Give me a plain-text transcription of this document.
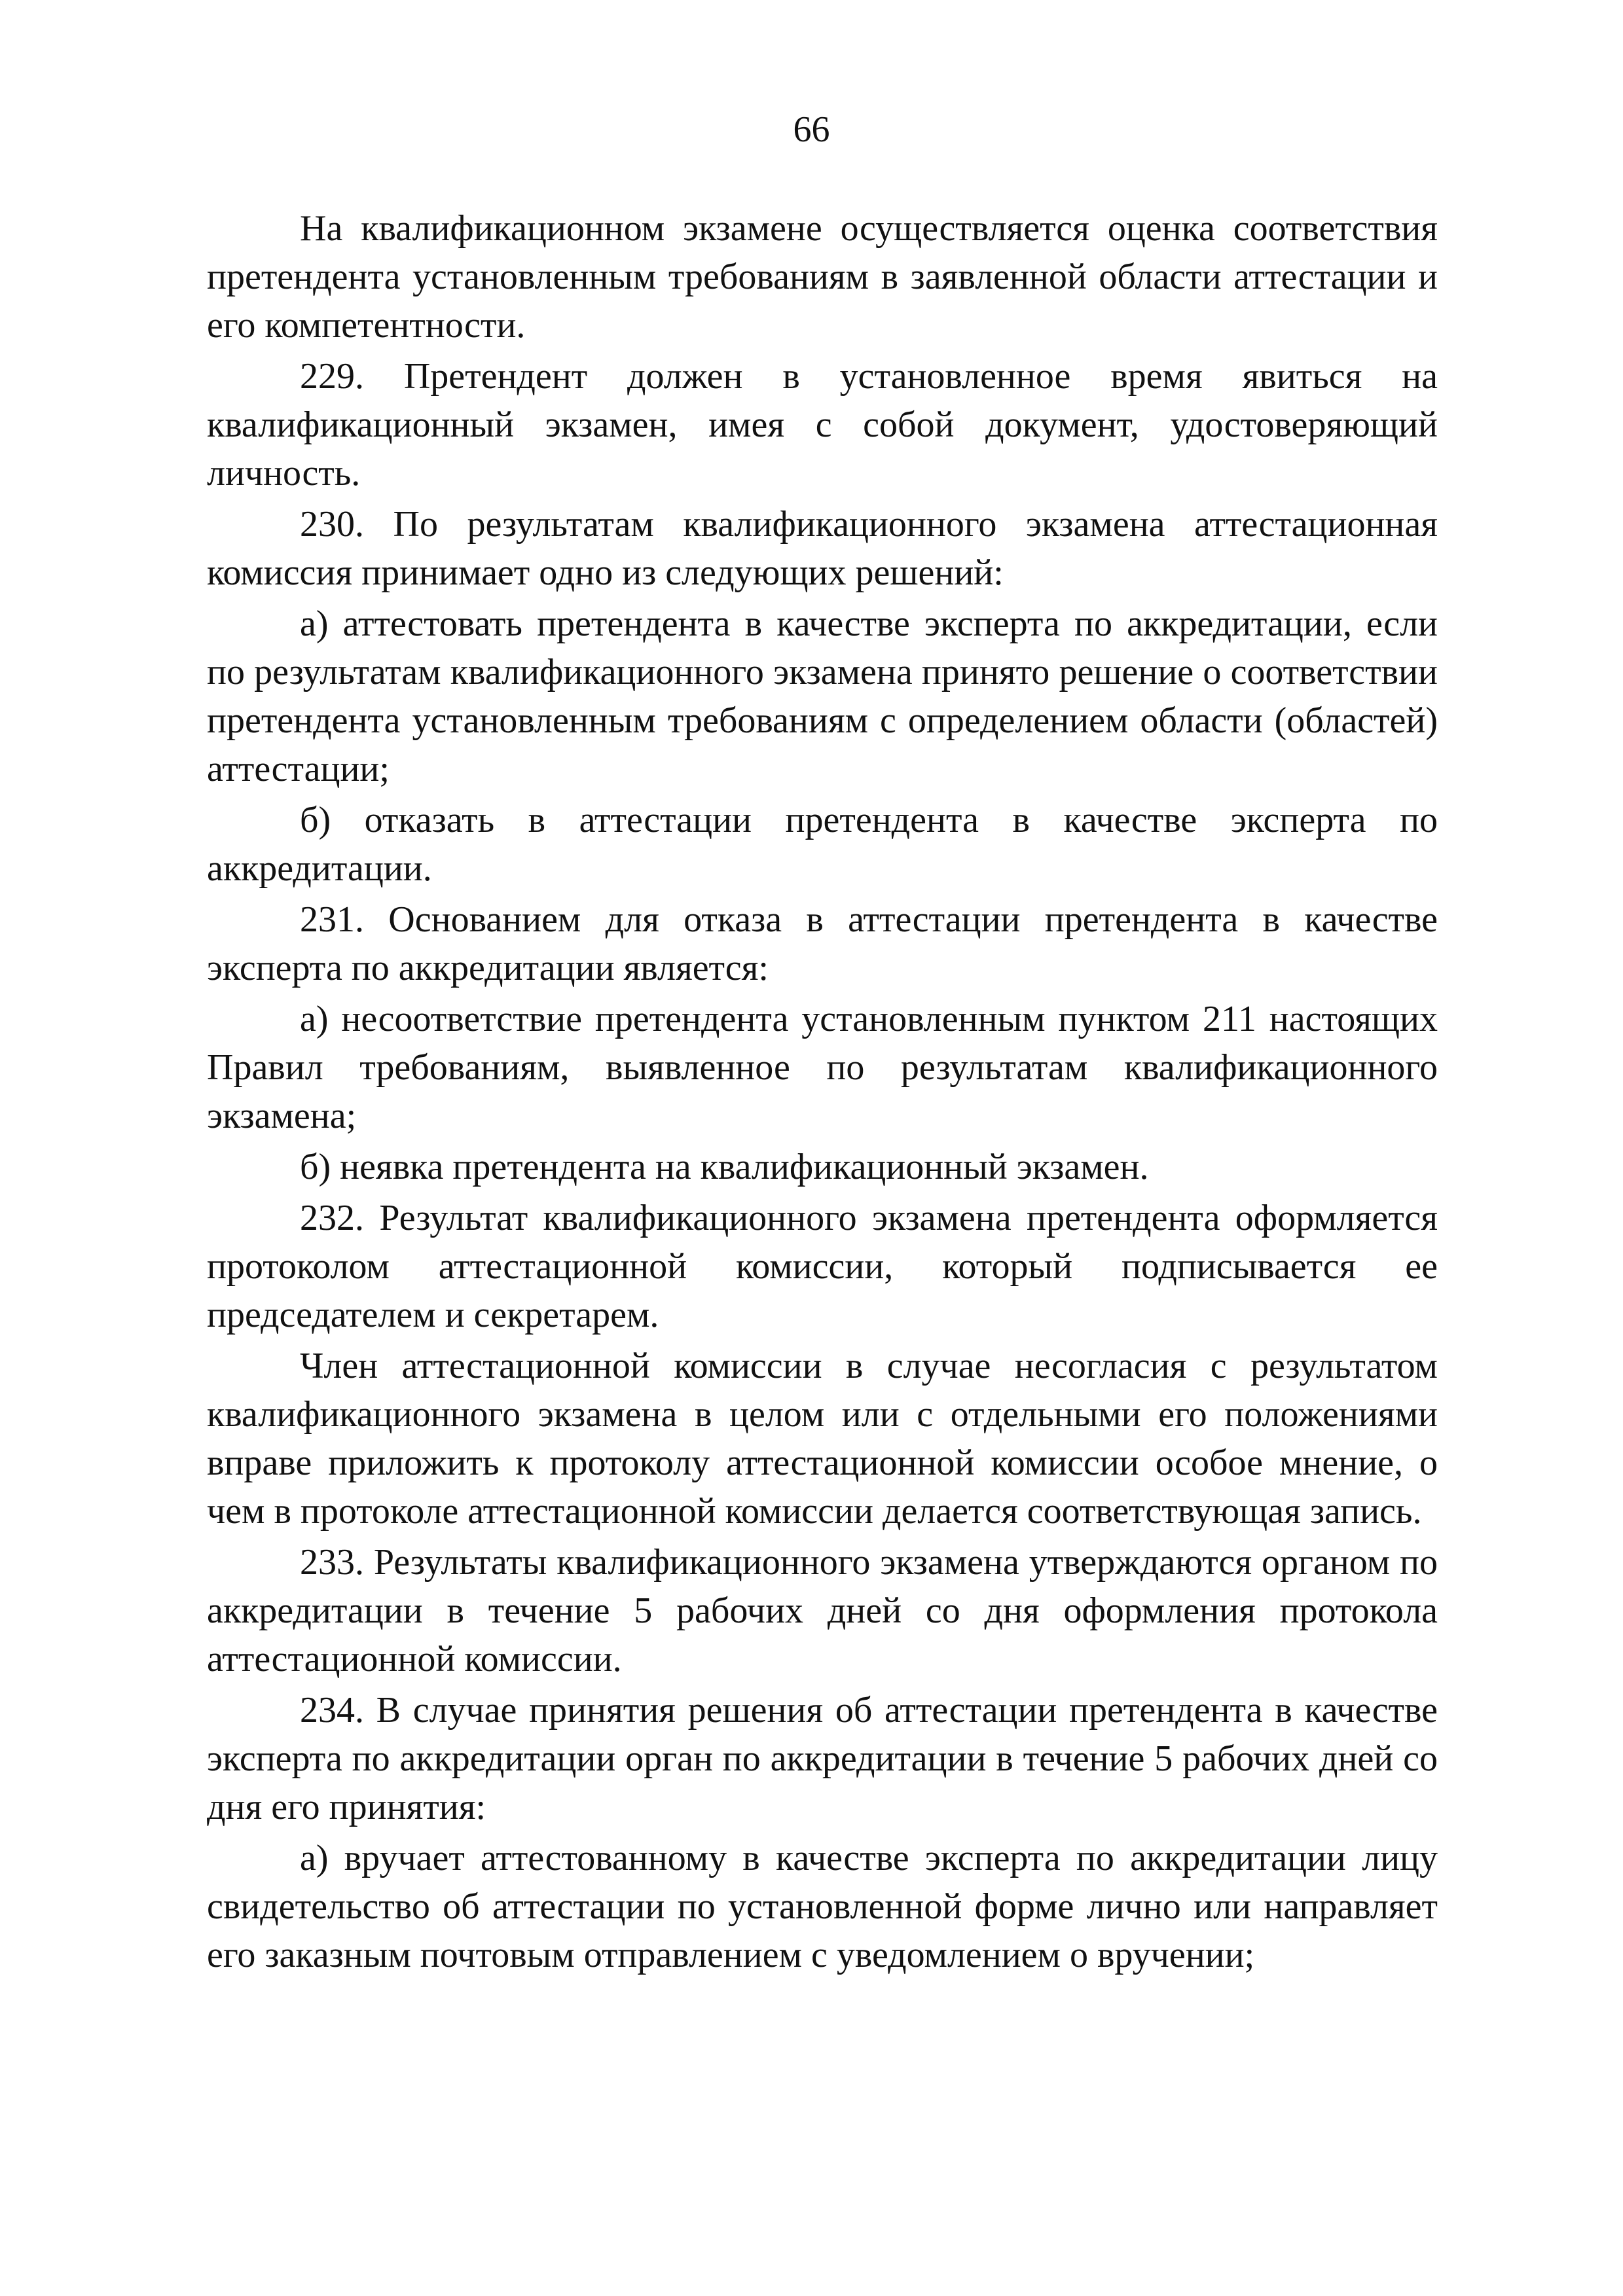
66

На квалификационном экзамене осуществляется оценка соответствия претендента установленным требованиям в заявленной области аттестации и его компетентности.

229. Претендент должен в установленное время явиться на квалификационный экзамен, имея с собой документ, удостоверяющий личность.

230. По результатам квалификационного экзамена аттестационная комиссия принимает одно из следующих решений:

а) аттестовать претендента в качестве эксперта по аккредитации, если по результатам квалификационного экзамена принято решение о соответствии претендента установленным требованиям с определением области (областей) аттестации;

б) отказать в аттестации претендента в качестве эксперта по аккредитации.

231. Основанием для отказа в аттестации претендента в качестве эксперта по аккредитации является:

а) несоответствие претендента установленным пунктом 211 настоящих Правил требованиям, выявленное по результатам квалификационного экзамена;

б) неявка претендента на квалификационный экзамен.

232. Результат квалификационного экзамена претендента оформляется протоколом аттестационной комиссии, который подписывается ее председателем и секретарем.

Член аттестационной комиссии в случае несогласия с результатом квалификационного экзамена в целом или с отдельными его положениями вправе приложить к протоколу аттестационной комиссии особое мнение, о чем в протоколе аттестационной комиссии делается соответствующая запись.

233. Результаты квалификационного экзамена утверждаются органом по аккредитации в течение 5 рабочих дней со дня оформления протокола аттестационной комиссии.

234. В случае принятия решения об аттестации претендента в качестве эксперта по аккредитации орган по аккредитации в течение 5 рабочих дней со дня его принятия:

а) вручает аттестованному в качестве эксперта по аккредитации лицу свидетельство об аттестации по установленной форме лично или направляет его заказным почтовым отправлением с уведомлением о вручении;
